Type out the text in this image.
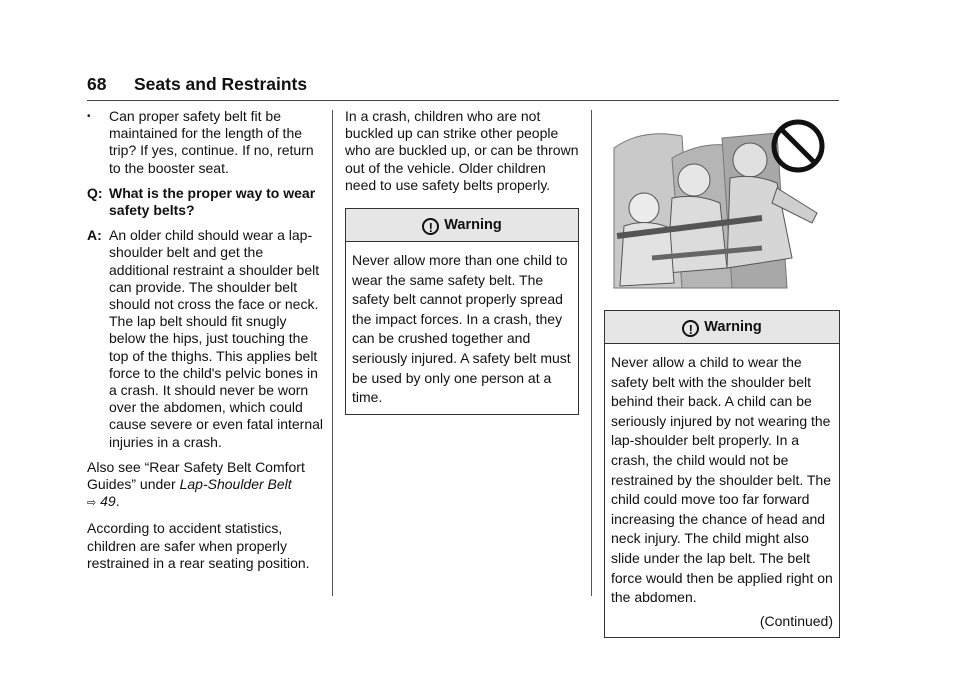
68 Seats and Restraints
•	Can proper safety belt fit be maintained for the length of the trip? If yes, continue. If no, return to the booster seat.
Q: What is the proper way to wear safety belts?
A: An older child should wear a lap-shoulder belt and get the additional restraint a shoulder belt can provide. The shoulder belt should not cross the face or neck. The lap belt should fit snugly below the hips, just touching the top of the thighs. This applies belt force to the child's pelvic bones in a crash. It should never be worn over the abdomen, which could cause severe or even fatal internal injuries in a crash.

Also see “Rear Safety Belt Comfort Guides” under Lap-Shoulder Belt
⇨ 49.

According to accident statistics, children are safer when properly restrained in a rear seating position.

In a crash, children who are not buckled up can strike other people who are buckled up, or can be thrown out of the vehicle. Older children need to use safety belts properly.

! Warning
Never allow more than one child to wear the same safety belt. The safety belt cannot properly spread the impact forces. In a crash, they can be crushed together and seriously injured. A safety belt must be used by only one person at a time.
! Warning
Never allow a child to wear the safety belt with the shoulder belt behind their back. A child can be seriously injured by not wearing the lap-shoulder belt properly. In a crash, the child would not be restrained by the shoulder belt. The child could move too far forward increasing the chance of head and neck injury. The child might also slide under the lap belt. The belt force would then be applied right on the abdomen.
(Continued)
